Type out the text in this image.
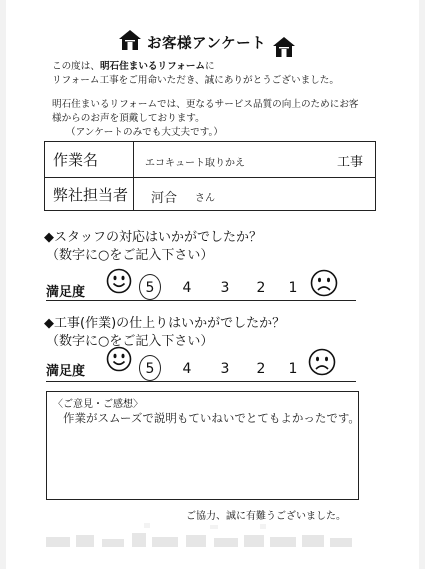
お客様アンケート
この度は、明石住まいるリフォームに
リフォーム工事をご用命いただき、誠にありがとうございました。
明石住まいるリフォームでは、更なるサービス品質の向上のためにお客
様からのお声を頂戴しております。
（アンケートのみでも大丈夫です。）
作業名	エコキュート取りかえ	工事
弊社担当者 河合 さん
◆スタッフの対応はいかがでしたか？
（数字に○をご記入下さい）
満足度	5 4 3 2 1
◆工事(作業)の仕上りはいかがでしたか？
（数字に○をご記入下さい）
満足度	5 4 3 2 1
〈ご意見・ご感想〉
作業がスムーズで説明もていねいでとてもよかったです。
ご協力、誠に有難うございました。
